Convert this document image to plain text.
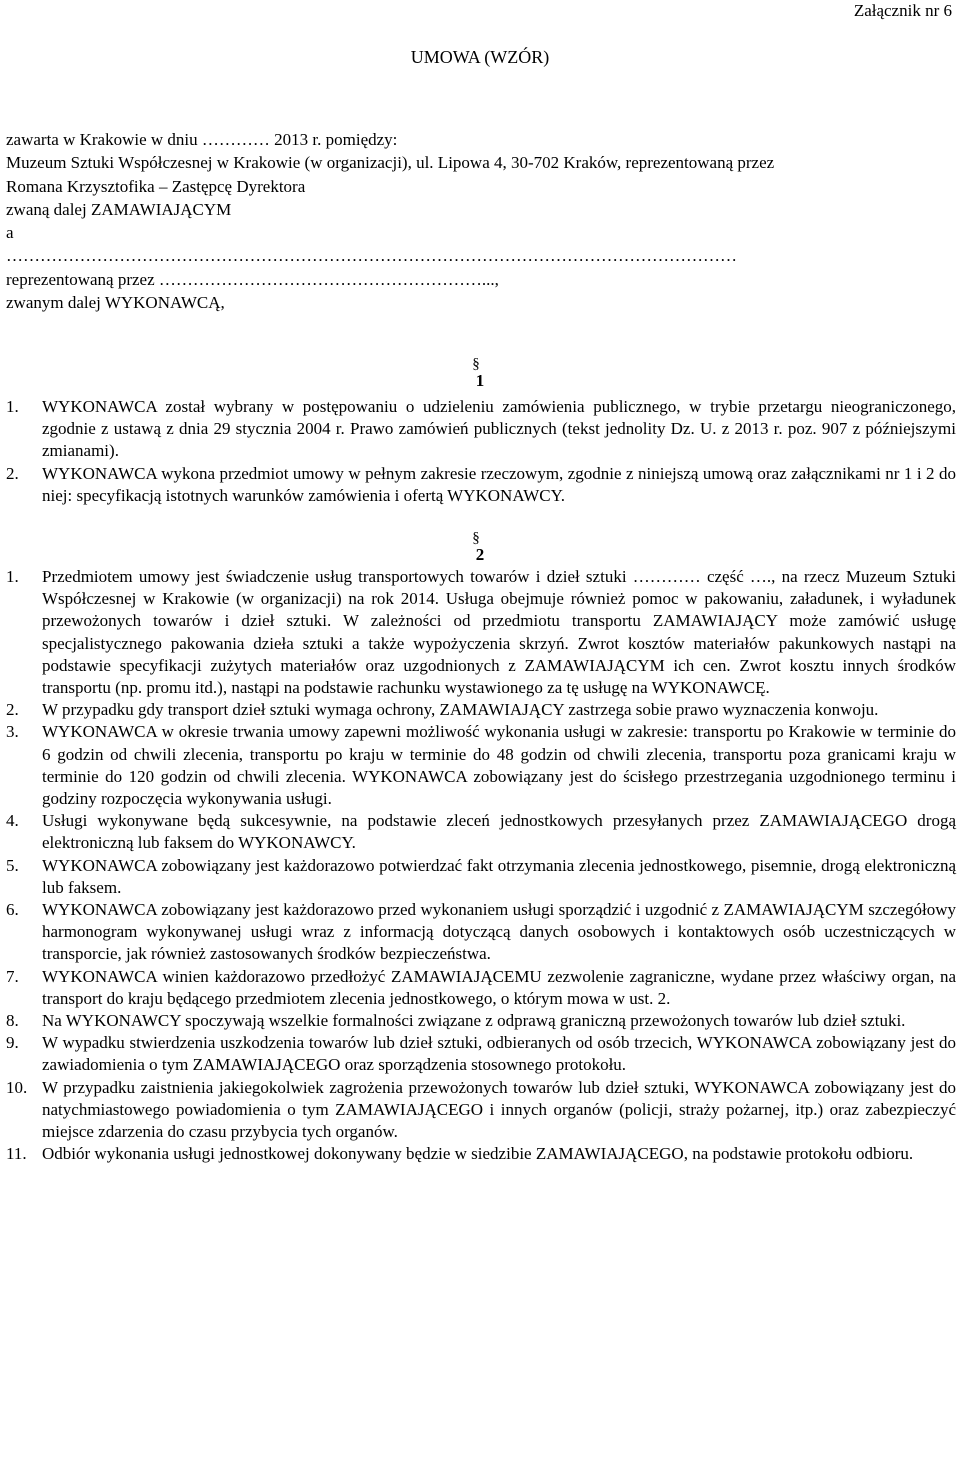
Załącznik nr 6
UMOWA (WZÓR)
zawarta w Krakowie w dniu ………… 2013 r. pomiędzy:
Muzeum Sztuki Współczesnej w Krakowie (w organizacji), ul. Lipowa 4, 30-702 Kraków, reprezentowaną przez
Romana Krzysztofika – Zastępcę Dyrektora
zwaną dalej ZAMAWIAJĄCYM
a
…………………………………………………………………………………………………………………
reprezentowaną przez …………………………………………………...,
zwanym dalej WYKONAWCĄ,
§
1
1. WYKONAWCA został wybrany w postępowaniu o udzieleniu zamówienia publicznego, w trybie przetargu nieograniczonego, zgodnie z ustawą z dnia 29 stycznia 2004 r. Prawo zamówień publicznych (tekst jednolity Dz. U. z 2013 r. poz. 907 z późniejszymi zmianami).
2. WYKONAWCA wykona przedmiot umowy w pełnym zakresie rzeczowym, zgodnie z niniejszą umową oraz załącznikami nr 1 i 2 do niej: specyfikacją istotnych warunków zamówienia i ofertą WYKONAWCY.
§
2
1. Przedmiotem umowy jest świadczenie usług transportowych towarów i dzieł sztuki ………… część …., na rzecz Muzeum Sztuki Współczesnej w Krakowie (w organizacji) na rok 2014. Usługa obejmuje również pomoc w pakowaniu, załadunek, i wyładunek przewożonych towarów i dzieł sztuki. W zależności od przedmiotu transportu ZAMAWIAJĄCY może zamówić usługę specjalistycznego pakowania dzieła sztuki a także wypożyczenia skrzyń. Zwrot kosztów materiałów pakunkowych nastąpi na podstawie specyfikacji zużytych materiałów oraz uzgodnionych z ZAMAWIAJĄCYM ich cen. Zwrot kosztu innych środków transportu (np. promu itd.), nastąpi na podstawie rachunku wystawionego za tę usługę na WYKONAWCĘ.
2. W przypadku gdy transport dzieł sztuki wymaga ochrony, ZAMAWIAJĄCY zastrzega sobie prawo wyznaczenia konwoju.
3. WYKONAWCA w okresie trwania umowy zapewni możliwość wykonania usługi w zakresie: transportu po Krakowie w terminie do 6 godzin od chwili zlecenia, transportu po kraju w terminie do 48 godzin od chwili zlecenia, transportu poza granicami kraju w terminie do 120 godzin od chwili zlecenia. WYKONAWCA zobowiązany jest do ścisłego przestrzegania uzgodnionego terminu i godziny rozpoczęcia wykonywania usługi.
4. Usługi wykonywane będą sukcesywnie, na podstawie zleceń jednostkowych przesyłanych przez ZAMAWIAJĄCEGO drogą elektroniczną lub faksem do WYKONAWCY.
5. WYKONAWCA zobowiązany jest każdorazowo potwierdzać fakt otrzymania zlecenia jednostkowego, pisemnie, drogą elektroniczną lub faksem.
6. WYKONAWCA zobowiązany jest każdorazowo przed wykonaniem usługi sporządzić i uzgodnić z ZAMAWIAJĄCYM szczegółowy harmonogram wykonywanej usługi wraz z informacją dotyczącą danych osobowych i kontaktowych osób uczestniczących w transporcie, jak również zastosowanych środków bezpieczeństwa.
7. WYKONAWCA winien każdorazowo przedłożyć ZAMAWIAJĄCEMU zezwolenie zagraniczne, wydane przez właściwy organ, na transport do kraju będącego przedmiotem zlecenia jednostkowego, o którym mowa w ust. 2.
8. Na WYKONAWCY spoczywają wszelkie formalności związane z odprawą graniczną przewożonych towarów lub dzieł sztuki.
9. W wypadku stwierdzenia uszkodzenia towarów lub dzieł sztuki, odbieranych od osób trzecich, WYKONAWCA zobowiązany jest do zawiadomienia o tym ZAMAWIAJĄCEGO oraz sporządzenia stosownego protokołu.
10. W przypadku zaistnienia jakiegokolwiek zagrożenia przewożonych towarów lub dzieł sztuki, WYKONAWCA zobowiązany jest do natychmiastowego powiadomienia o tym ZAMAWIAJĄCEGO i innych organów (policji, straży pożarnej, itp.) oraz zabezpieczyć miejsce zdarzenia do czasu przybycia tych organów.
11. Odbiór wykonania usługi jednostkowej dokonywany będzie w siedzibie ZAMAWIAJĄCEGO, na podstawie protokołu odbioru.
